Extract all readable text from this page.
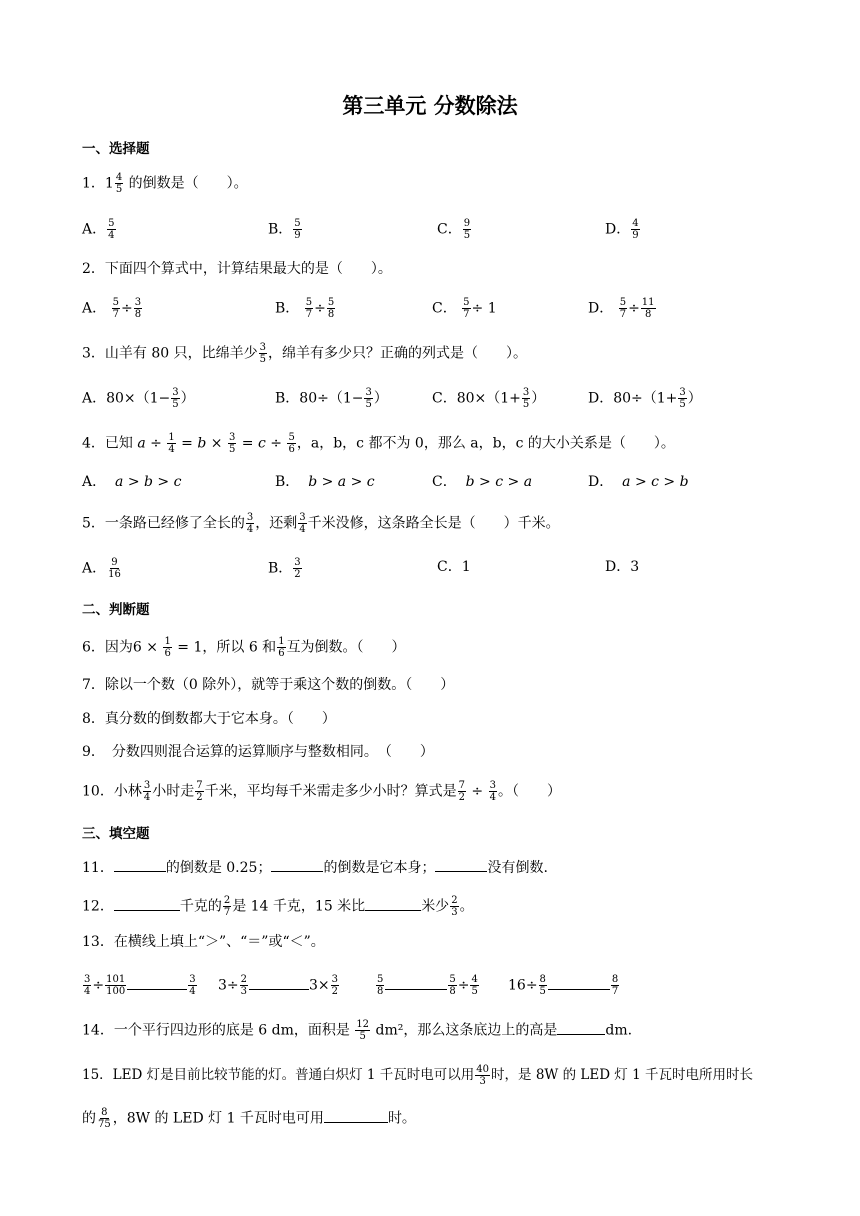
第三单元 分数除法
一、选择题
1．$1 \frac{4}{5}$ 的倒数是（　　）。
A． $\frac{5}{4}$	B． $\frac{5}{9}$	C． $\frac{9}{5}$	D． $\frac{4}{9}$
2．下面四个算式中，计算结果最大的是（　　）。
A． $\frac{5}{7} \div \frac{3}{8}$	B． $\frac{5}{7} \div \frac{5}{8}$	C． $\frac{5}{7} \div 1$	D． $\frac{5}{7} \div \frac{11}{8}$
3．山羊有 80 只，比绵羊少 $\frac{3}{5}$ ，绵羊有多少只？正确的列式是（　　）。
A．$80\times(1- \frac{3}{5}$ ）	B．$80\div(1- \frac{3}{5}$ ）	C．$80\times(1+ \frac{3}{5}$ ）	D．$80\div(1+ \frac{3}{5}$ ）
4．已知 $a \div \frac{1}{4} = b \times \frac{3}{5} = c \div \frac{5}{6}$ ，a，b，c 都不为 0，那么 a，b，c 的大小关系是（　　）。
A． a > b > c	B． b > a > c	C． b > c > a	D． a > c > b
5．一条路已经修了全长的 $\frac{3}{4}$ ，还剩 $\frac{3}{4}$ 千米没修，这条路全长是（　　）千米。
A． $\frac{9}{16}$	B． $\frac{3}{2}$	C．1	D．3
二、判断题
6．因为$6 \times \frac{1}{6} = 1$，所以 6 和 $\frac{1}{6}$ 互为倒数。（　　）
7．除以一个数（0 除外），就等于乘这个数的倒数。（　　）
8．真分数的倒数都大于它本身。（　　）
9．　分数四则混合运算的运算顺序与整数相同。　（　　）
10．小林 $\frac{3}{4}$ 小时走 $\frac{7}{2}$ 千米，平均每千米需走多少小时？算式是 $\frac{7}{2} \div \frac{3}{4}$ 。（　　）
三、填空题
11．	的倒数是 0.25；	的倒数是它本身；	没有倒数.
12．	千克的 $\frac{2}{7}$ 是 14 千克，15 米比	米少 $\frac{2}{3}$ 。
13．在横线上填上“＞”、“＝”或“＜”。
$\frac{3}{4} \div \frac{101}{100}$	$\frac{3}{4} 3\div \frac{2}{3}$	$3\times \frac{3}{2}$	$\frac{5}{8}$	$\frac{5}{8} \div \frac{4}{5} 16\div \frac{8}{5}$	$\frac{8}{7}$
14．一个平行四边形的底是 6 dm，面积是 $\frac{12}{5} dm^2$，那么这条底边上的高是	dm.
15．LED 灯是目前比较节能的灯。普通白炽灯 1 千瓦时电可以用 $\frac{40}{3}$ 时，是 8W 的 LED 灯 1 千瓦时电所用时长
的 $\frac{8}{75}$ ，8W 的 LED 灯 1 千瓦时电可用	时。
